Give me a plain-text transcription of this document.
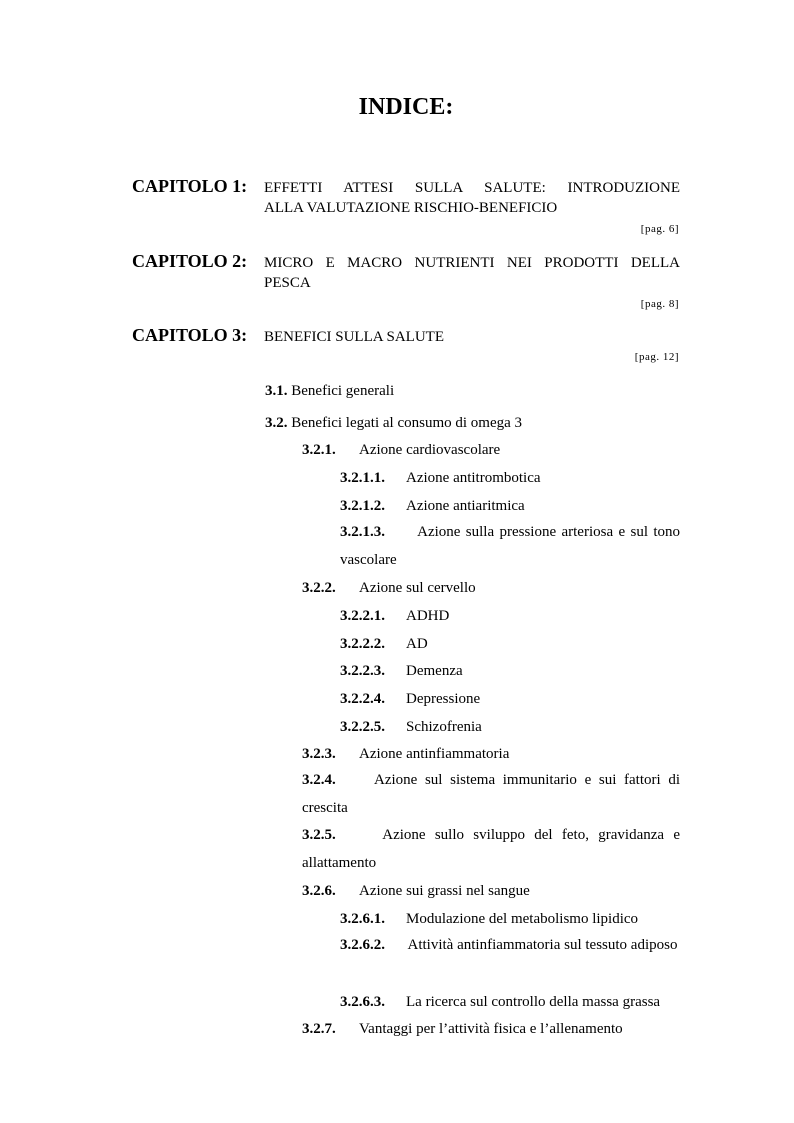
INDICE:
CAPITOLO 1: EFFETTI ATTESI SULLA SALUTE: INTRODUZIONE
ALLA VALUTAZIONE RISCHIO-BENEFICIO
[pag. 6]
CAPITOLO 2: MICRO E MACRO NUTRIENTI NEI PRODOTTI DELLA
PESCA
[pag. 8]
CAPITOLO 3: BENEFICI SULLA SALUTE
[pag. 12]
3.1. Benefici generali
3.2. Benefici legati al consumo di omega 3
3.2.1. Azione cardiovascolare
3.2.1.1. Azione antitrombotica
3.2.1.2. Azione antiaritmica
3.2.1.3. Azione sulla pressione arteriosa e sul tono vascolare
3.2.2. Azione sul cervello
3.2.2.1. ADHD
3.2.2.2. AD
3.2.2.3. Demenza
3.2.2.4. Depressione
3.2.2.5. Schizofrenia
3.2.3. Azione antinfiammatoria
3.2.4.	Azione sul sistema immunitario e sui fattori di crescita
3.2.5.	Azione sullo sviluppo del feto, gravidanza e allattamento
3.2.6. Azione sui grassi nel sangue
3.2.6.1. Modulazione del metabolismo lipidico
3.2.6.2. Attività antinfiammatoria sul tessuto adiposo
3.2.6.3. La ricerca sul controllo della massa grassa
3.2.7. Vantaggi per l’attività fisica e l’allenamento
